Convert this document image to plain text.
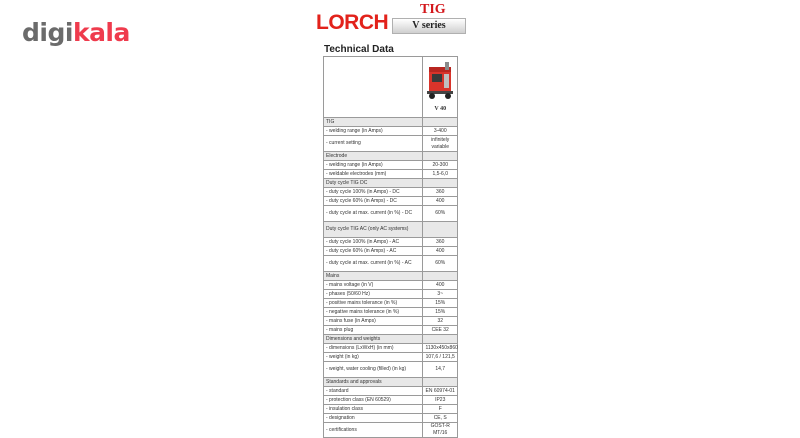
digikala	LORCH
TIG
V series
Technical Data

	V 40

TIG	
- welding range (in Amps)	3-400
- current setting	infinitely variable
Electrode	
- welding range (in Amps)	20-300
- weldable electrodes (mm)	1,5-6,0
Duty cycle TIG DC	
- duty cycle 100% (in Amps) - DC	360
- duty cycle 60% (in Amps) - DC	400
- duty cycle at max. current (in %) - DC	60%
Duty cycle TIG AC (only AC systems)	
- duty cycle 100% (in Amps) - AC	360
- duty cycle 60% (in Amps) - AC	400
- duty cycle at max. current (in %) - AC	60%
Mains	
- mains voltage (in V)	400
- phases (50/60 Hz)	3~
- positive mains tolerance (in %)	15%
- negative mains tolerance (in %)	15%
- mains fuse (in Amps)	32
- mains plug	CEE 32
Dimensions and weights	
- dimensions (LxWxH) (in mm)	1130x450x860
- weight (in kg)	107,6 / 121,5
- weight, water cooling (filled) (in kg)	14,7
Standards and approvals	
- standard	EN 60974-01
- protection class (EN 60529)	IP23
- insulation class	F
- designation	CE, S
- certifications	GOST-R MT/16
